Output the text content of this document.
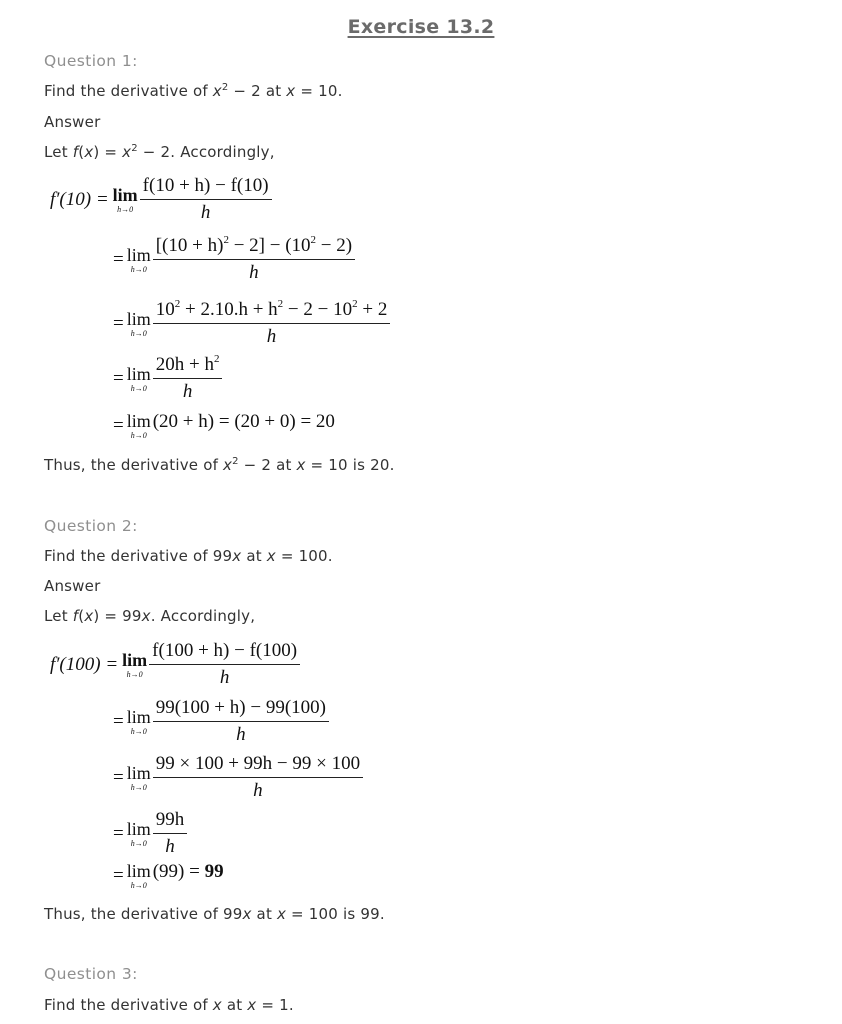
Exercise 13.2
Question 1:
Find the derivative of $x^2 - 2$ at x = 10.
Answer
Let $f(x) = x^2 - 2$. Accordingly,
f′(10) = lim
$h\to 0 \frac{f(10 + h) - f(10)}{h}$
= lim
$h\to 0 \frac{[(10 + h)^2 - 2] - (10^2 - 2)}{h}$
= lim
$h\to 0 \frac{10^2 + 2.10.h + h^2 - 2 - 10^2 + 2}{h}$
= lim
$h\to 0 \frac{20h + h^2}{h}$
= lim
h→0
(20 + h) = (20 + 0) = 20
Thus, the derivative of $x^2 - 2$ at x = 10 is 20.
Question 2:
Find the derivative of 99x at x = 100.
Answer
Let f(x) = 99x. Accordingly,
f′(100) = lim
$h\to 0 \frac{f(100 + h) - f(100)}{h}$
= lim
$h\to 0 \frac{99(100 + h) - 99(100)}{h}$
= lim
$h\to 0 \frac{99 \times 100 + 99h - 99 \times 100}{h}$
= lim
$h\to 0 \frac{99h}{h}$
= lim
h→0
(99) = 99
Thus, the derivative of 99x at x = 100 is 99.
Question 3:
Find the derivative of x at x = 1.
